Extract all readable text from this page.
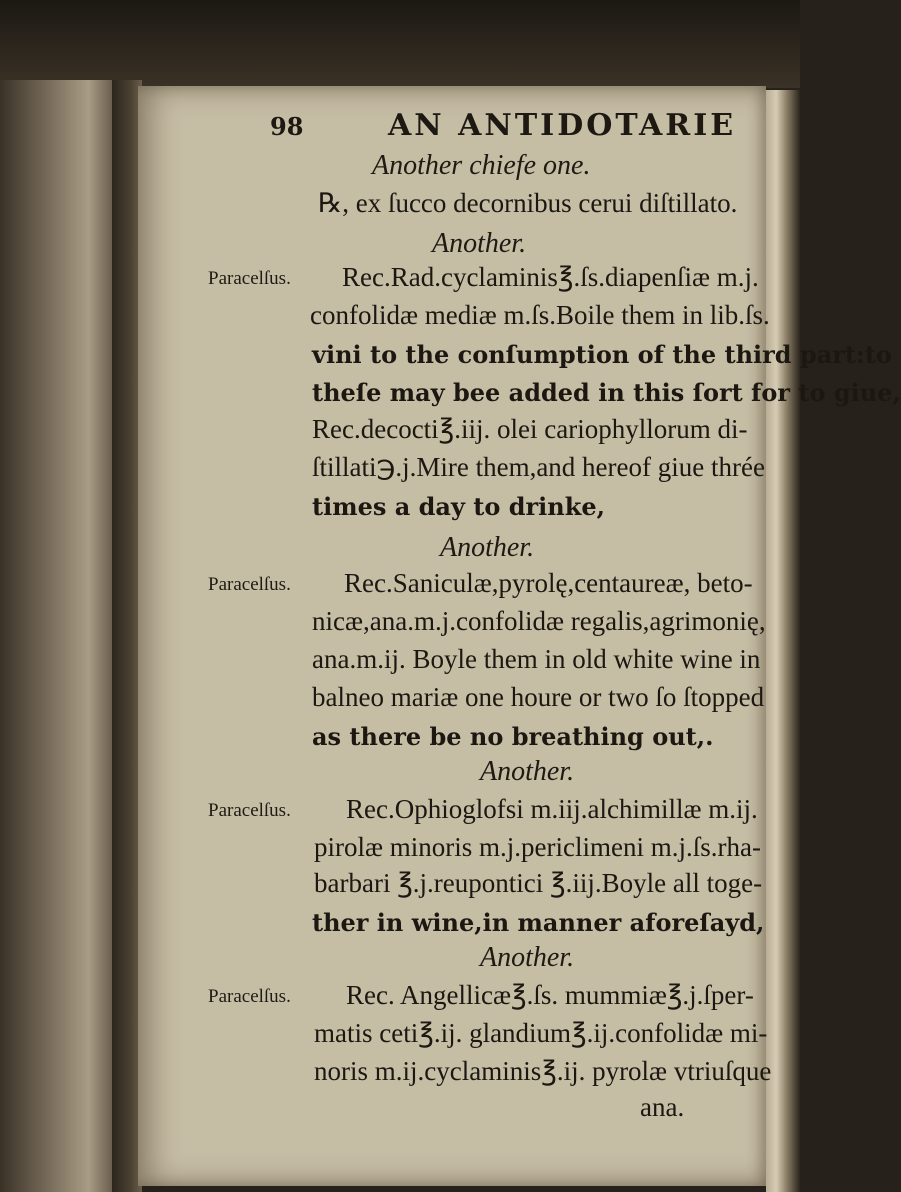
98	AN ANTIDOTARIE
Another chiefe one.
℞, ex ſucco decornibus cerui diſtillato.
Another.
Paracelſus. Rec.Rad.cyclaminis℥.ſs.diapenſiæ m.j.
confolidæ mediæ m.ſs.Boile them in lib.ſs.
vini to the conſumption of the third part:to
theſe may bee added in this ſort for to giue,
Rec.decocti℥.iij. olei cariophyllorum di-
ſtillati℈.j.Mire them,and hereof giue thrée
times a day to drinke,
Another.
Paracelſus. Rec.Saniculæ,pyrolę,centaureæ, beto-
nicæ,ana.m.j.confolidæ regalis,agrimonię,
ana.m.ij. Boyle them in old white wine in
balneo mariæ one houre or two ſo ſtopped
as there be no breathing out,.
Another.
Paracelſus. Rec.Ophioglofsi m.iij.alchimillæ m.ij.
pirolæ minoris m.j.periclimeni m.j.ſs.rha-
barbari ℥.j.reupontici ℥.iij.Boyle all toge-
ther in wine,in manner aforeſayd,
Another.
Paracelſus. Rec. Angellicæ℥.ſs. mummiæ℥.j.ſper-
matis ceti℥.ij. glandium℥.ij.confolidæ mi-
noris m.ij.cyclaminis℥.ij. pyrolæ vtriuſque
ana.
